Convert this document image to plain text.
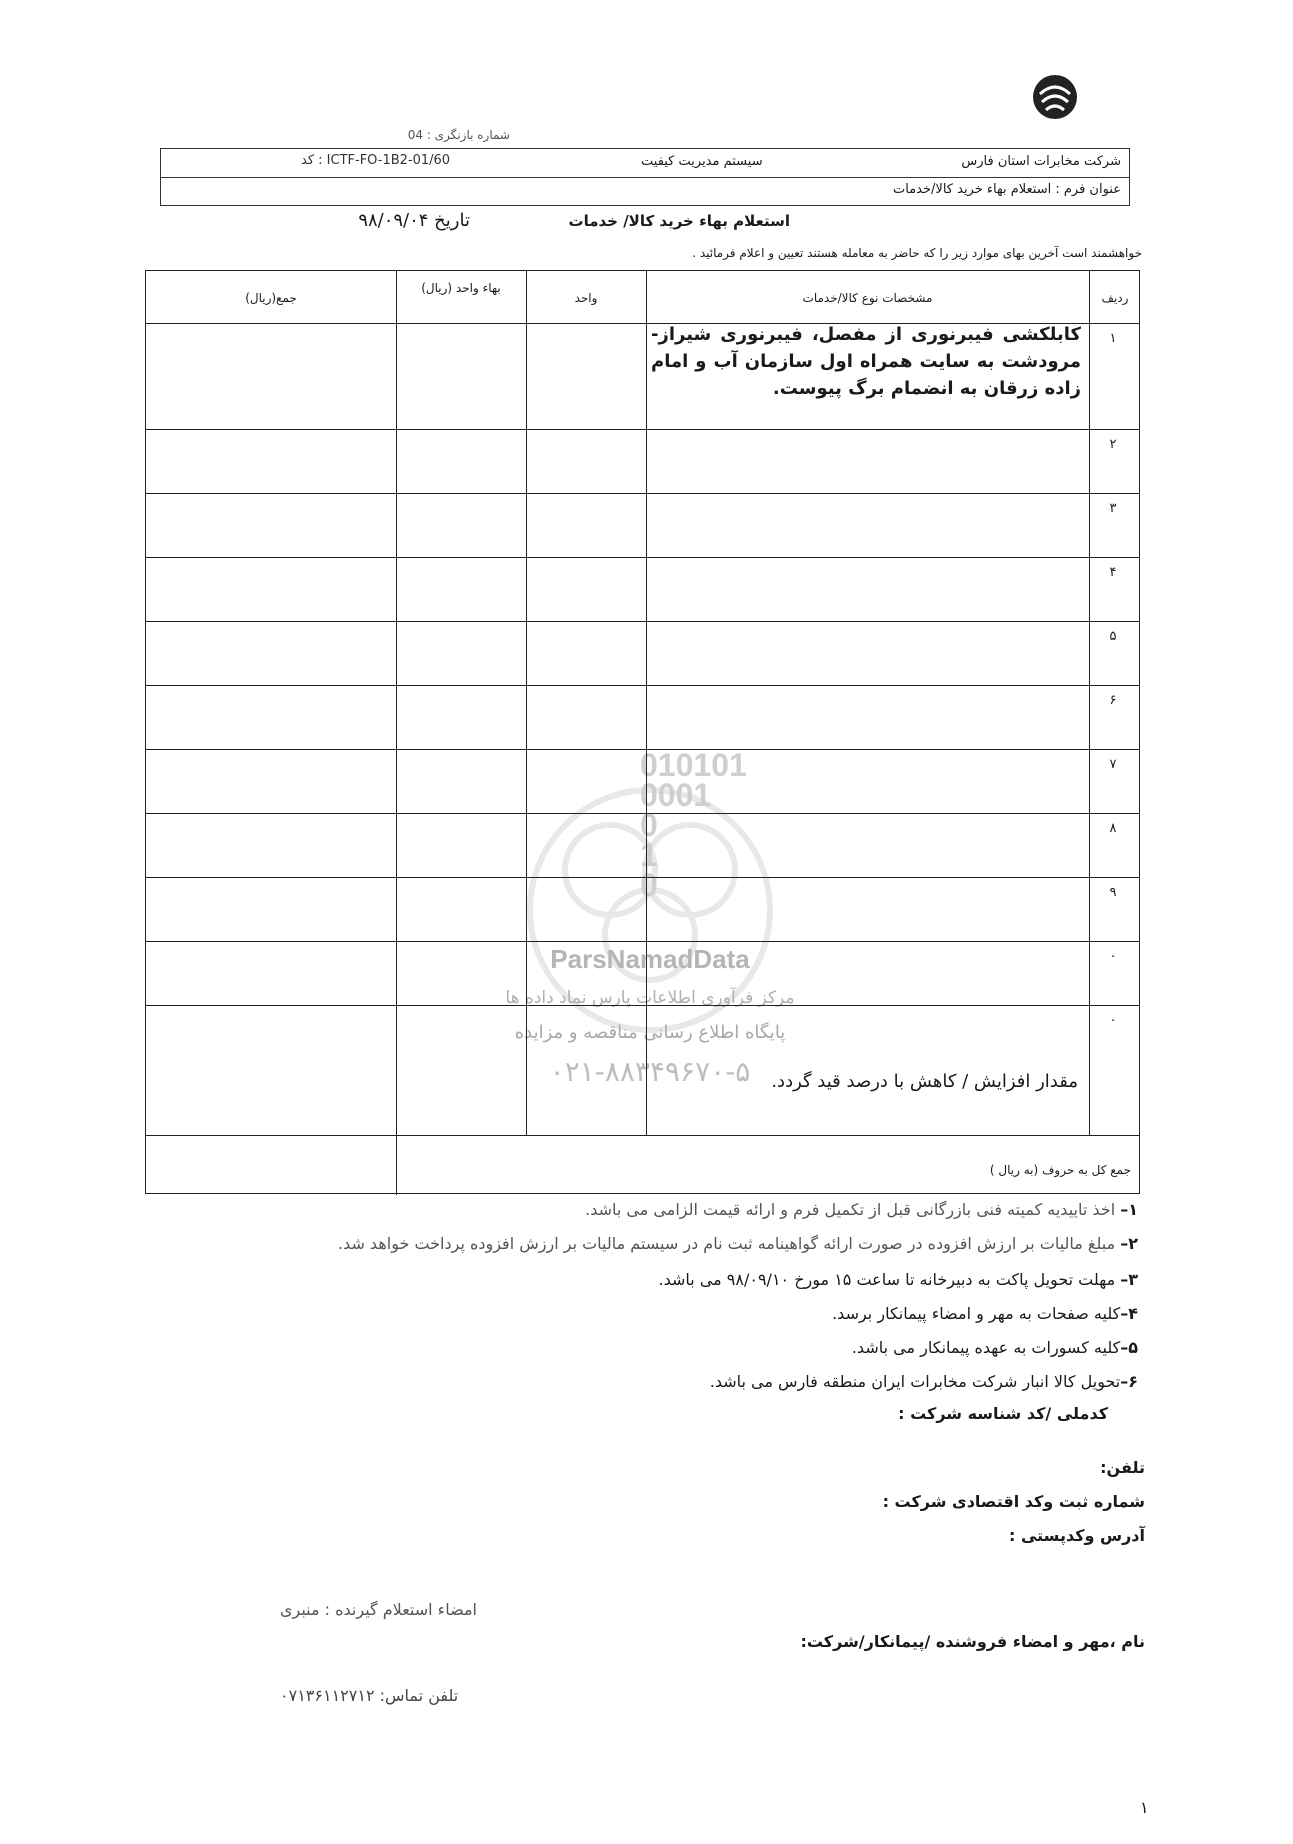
شماره بازنگری : 04
شرکت مخابرات استان فارس
سیستم مدیریت کیفیت
ICTF-FO-1B2-01/60 : کد
عنوان فرم : استعلام بهاء خرید کالا/خدمات
استعلام بهاء خرید کالا/ خدمات
تاریخ ۹۸/۰۹/۰۴
خواهشمند است آخرین بهای موارد زیر را که حاضر به معامله هستند تعیین و اعلام فرمائید .
010101
0001
0
1
0
ParsNamadData
مرکز فرآوری اطلاعات پارس نماد داده ها
پایگاه اطلاع رسانی مناقصه و مزایده
۰۲۱-۸۸۳۴۹۶۷۰-۵
ردیف
مشخصات نوع کالا/خدمات
واحد
بهاء واحد (ریال)
جمع(ریال)
۱
۲
۳
۴
۵
۶
۷
۸
۹
۰
۰
کابلکشی فیبرنوری از مفصل، فیبرنوری شیراز-مرودشت به سایت همراه اول سازمان آب و امام زاده زرقان به انضمام برگ پیوست.
مقدار افزایش / کاهش با درصد قید گردد.
جمع کل به حروف (به ریال )
۱– اخذ تاییدیه کمیته فنی بازرگانی قبل از تکمیل فرم و ارائه قیمت الزامی می باشد.
۲– مبلغ مالیات بر ارزش افزوده در صورت ارائه گواهینامه ثبت نام در سیستم مالیات بر ارزش افزوده پرداخت خواهد شد.
۳– مهلت تحویل پاکت به دبیرخانه تا ساعت ۱۵ مورخ ۹۸/۰۹/۱۰ می باشد.
۴–کلیه صفحات به مهر و امضاء پیمانکار برسد.
۵–کلیه کسورات به عهده پیمانکار می باشد.
۶–تحویل کالا انبار شرکت مخابرات ایران منطقه فارس می باشد.
کدملی /کد شناسه شرکت :
تلفن:
شماره ثبت وکد اقتصادی شرکت :
آدرس وکدپستی :
امضاء استعلام گیرنده : منبری
نام ،مهر و امضاء فروشنده /پیمانکار/شرکت:
تلفن تماس: ۰۷۱۳۶۱۱۲۷۱۲
۱
